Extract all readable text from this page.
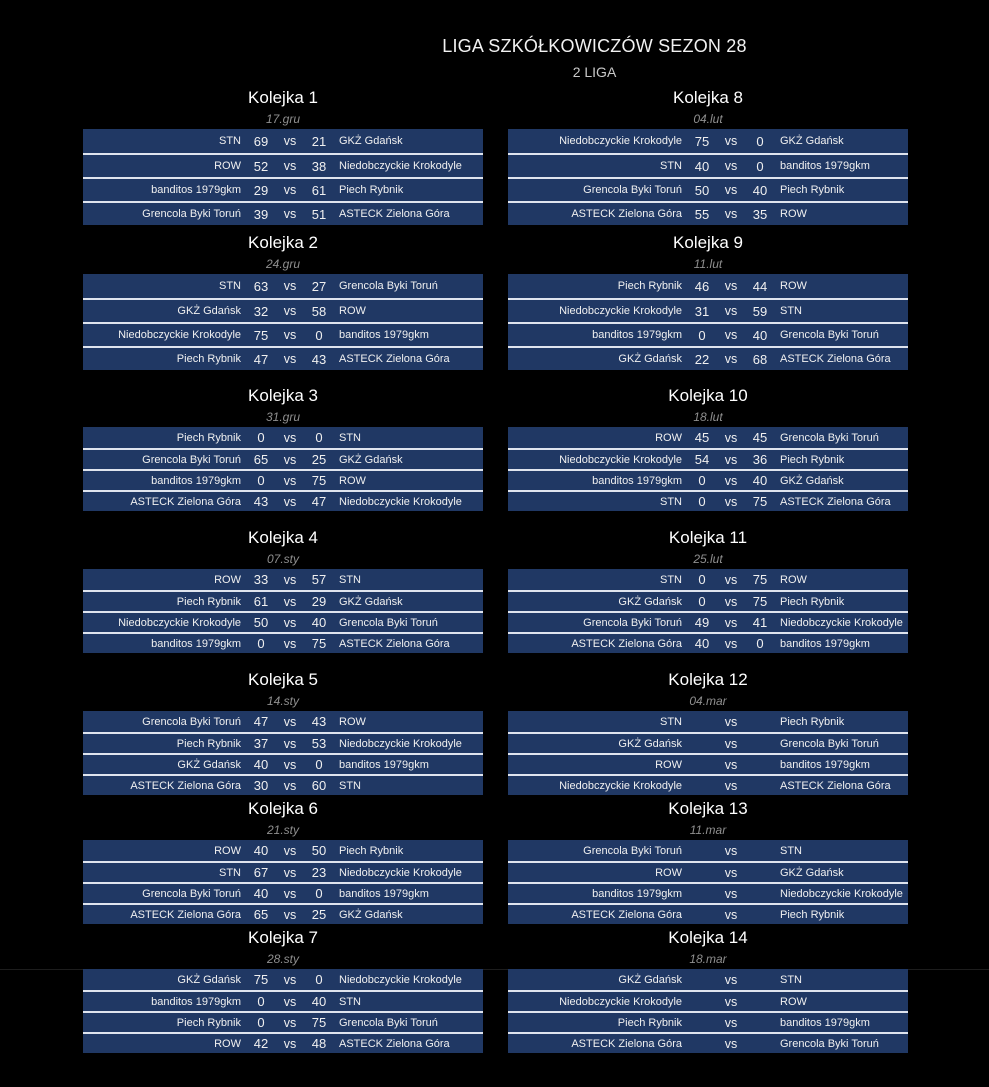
LIGA SZKÓŁKOWICZÓW SEZON 28
2 LIGA
Kolejka 1
17.gru
STN 69	vs	21	GKŻ Gdańsk
ROW 52	vs	38	Niedobczyckie Krokodyle
banditos 1979gkm 29	vs	61	Piech Rybnik
Grencola Byki Toruń 39	vs	51	ASTECK Zielona Góra
Kolejka 2
24.gru
STN 63	vs	27	Grencola Byki Toruń
GKŻ Gdańsk 32	vs	58	ROW
Niedobczyckie Krokodyle 75	vs	0	banditos 1979gkm
Piech Rybnik 47	vs	43	ASTECK Zielona Góra
Kolejka 3
31.gru
Piech Rybnik	0	vs	0	STN
Grencola Byki Toruń 65	vs	25	GKŻ Gdańsk
banditos 1979gkm	0	vs	75	ROW
ASTECK Zielona Góra 43	vs	47	Niedobczyckie Krokodyle
Kolejka 4
07.sty
ROW 33	vs	57	STN
Piech Rybnik 61	vs	29	GKŻ Gdańsk
Niedobczyckie Krokodyle 50	vs	40	Grencola Byki Toruń
banditos 1979gkm	0	vs	75	ASTECK Zielona Góra
Kolejka 5
14.sty
Grencola Byki Toruń 47	vs	43	ROW
Piech Rybnik 37	vs	53	Niedobczyckie Krokodyle
GKŻ Gdańsk 40	vs	0	banditos 1979gkm
ASTECK Zielona Góra 30	vs	60	STN
Kolejka 6
21.sty
ROW 40	vs	50	Piech Rybnik
STN 67	vs	23	Niedobczyckie Krokodyle
Grencola Byki Toruń 40	vs	0	banditos 1979gkm
ASTECK Zielona Góra 65	vs	25	GKŻ Gdańsk
Kolejka 7
28.sty
GKŻ Gdańsk 75	vs	0	Niedobczyckie Krokodyle
banditos 1979gkm	0	vs	40	STN
Piech Rybnik	0	vs	75	Grencola Byki Toruń
ROW 42	vs	48	ASTECK Zielona Góra
Kolejka 8
04.lut
Niedobczyckie Krokodyle 75	vs	0	GKŻ Gdańsk
STN 40	vs	0	banditos 1979gkm
Grencola Byki Toruń 50	vs	40	Piech Rybnik
ASTECK Zielona Góra 55	vs	35	ROW
Kolejka 9
11.lut
Piech Rybnik 46	vs	44	ROW
Niedobczyckie Krokodyle 31	vs	59	STN
banditos 1979gkm	0	vs	40	Grencola Byki Toruń
GKŻ Gdańsk 22	vs	68	ASTECK Zielona Góra
Kolejka 10
18.lut
ROW 45	vs	45	Grencola Byki Toruń
Niedobczyckie Krokodyle 54	vs	36	Piech Rybnik
banditos 1979gkm	0	vs	40	GKŻ Gdańsk
STN	0	vs	75	ASTECK Zielona Góra
Kolejka 11
25.lut
STN	0	vs	75	ROW
GKŻ Gdańsk	0	vs	75	Piech Rybnik
Grencola Byki Toruń 49	vs	41	Niedobczyckie Krokodyle
ASTECK Zielona Góra 40	vs	0	banditos 1979gkm
Kolejka 12
04.mar
STN	vs	Piech Rybnik
GKŻ Gdańsk	vs	Grencola Byki Toruń
ROW	vs	banditos 1979gkm
Niedobczyckie Krokodyle	vs	ASTECK Zielona Góra
Kolejka 13
11.mar
Grencola Byki Toruń	vs	STN
ROW	vs	GKŻ Gdańsk
banditos 1979gkm	vs	Niedobczyckie Krokodyle
ASTECK Zielona Góra	vs	Piech Rybnik
Kolejka 14
18.mar
GKŻ Gdańsk	vs	STN
Niedobczyckie Krokodyle	vs	ROW
Piech Rybnik	vs	banditos 1979gkm
ASTECK Zielona Góra	vs	Grencola Byki Toruń
